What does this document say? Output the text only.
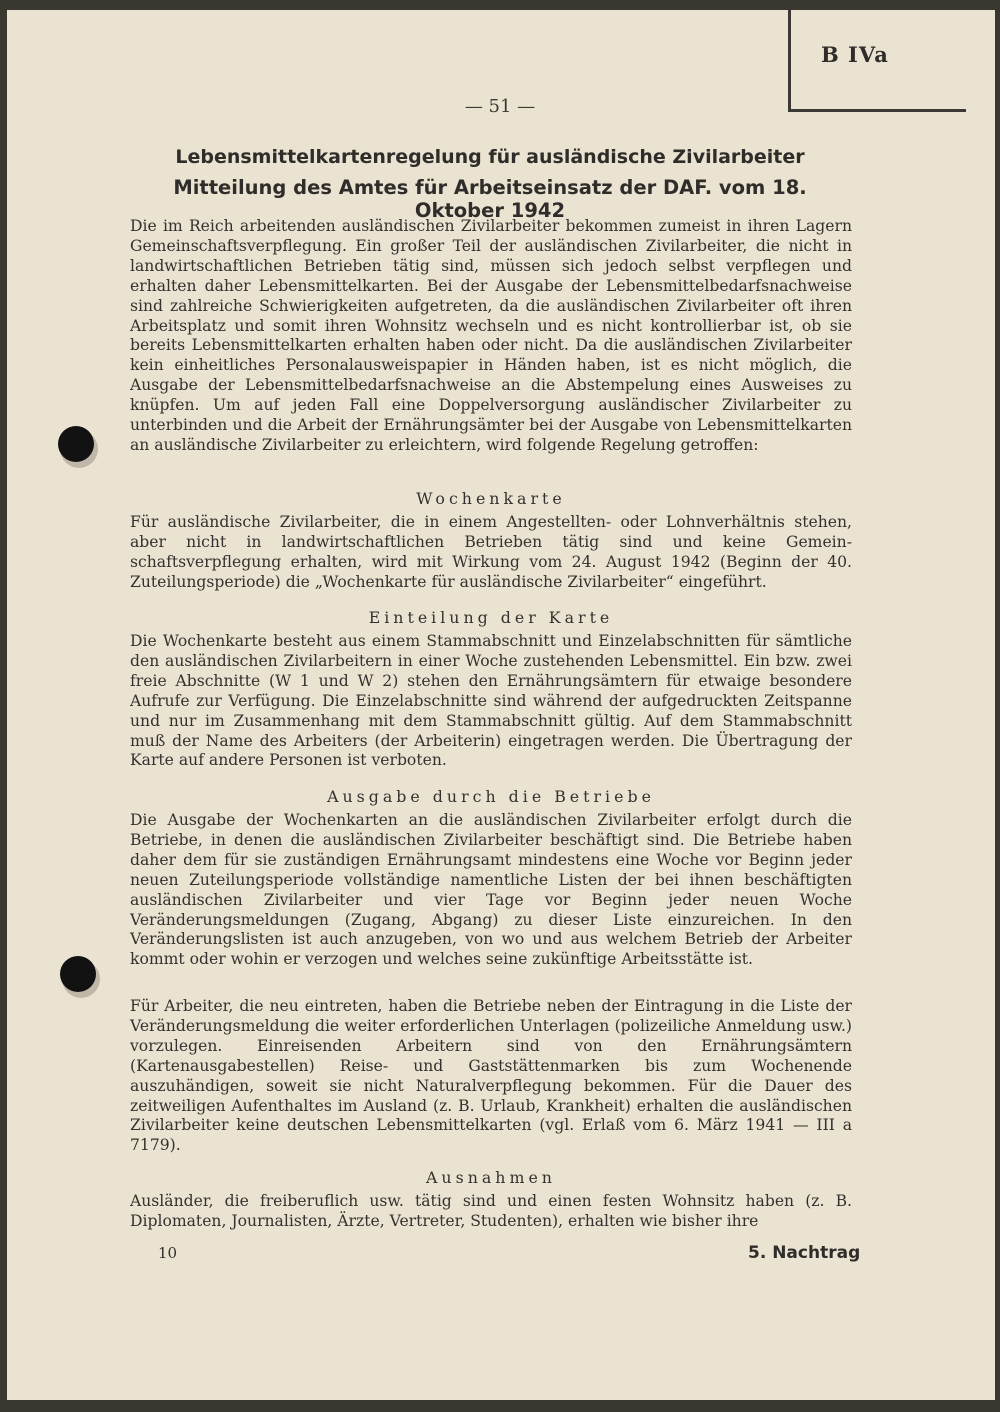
B IVa
— 51 —
Lebensmittelkartenregelung für ausländische Zivilarbeiter
Mitteilung des Amtes für Arbeitseinsatz der DAF. vom 18. Oktober 1942
Die im Reich arbeitenden ausländischen Zivilarbeiter bekommen zumeist in ihren Lagern Gemeinschaftsverpflegung. Ein großer Teil der ausländischen Zivilarbeiter, die nicht in landwirtschaftlichen Betrieben tätig sind, müssen sich jedoch selbst verpflegen und erhalten daher Lebensmittelkarten. Bei der Ausgabe der Lebensmittelbedarfsnachweise sind zahlreiche Schwierigkeiten aufgetreten, da die ausländischen Zivilarbeiter oft ihren Arbeitsplatz und somit ihren Wohnsitz wechseln und es nicht kontrollierbar ist, ob sie bereits Lebensmittelkarten erhalten haben oder nicht. Da die ausländischen Zivilarbeiter kein einheitliches Personalausweispapier in Händen haben, ist es nicht möglich, die Ausgabe der Lebensmittelbedarfsnachweise an die Abstempelung eines Ausweises zu knüpfen. Um auf jeden Fall eine Doppelversorgung ausländischer Zivilarbeiter zu unterbinden und die Arbeit der Ernährungsämter bei der Ausgabe von Lebensmittelkarten an ausländische Zivilarbeiter zu erleichtern, wird folgende Regelung getroffen:
Wochenkarte
Für ausländische Zivilarbeiter, die in einem Angestellten- oder Lohnverhältnis stehen, aber nicht in landwirtschaftlichen Betrieben tätig sind und keine Gemeinschaftsverpflegung erhalten, wird mit Wirkung vom 24. August 1942 (Beginn der 40. Zuteilungsperiode) die „Wochenkarte für ausländische Zivilarbeiter“ eingeführt.
Einteilung der Karte
Die Wochenkarte besteht aus einem Stammabschnitt und Einzelabschnitten für sämtliche den ausländischen Zivilarbeitern in einer Woche zustehenden Lebensmittel. Ein bzw. zwei freie Abschnitte (W 1 und W 2) stehen den Ernährungsämtern für etwaige besondere Aufrufe zur Verfügung. Die Einzelabschnitte sind während der aufgedruckten Zeitspanne und nur im Zusammenhang mit dem Stammabschnitt gültig. Auf dem Stammabschnitt muß der Name des Arbeiters (der Arbeiterin) eingetragen werden. Die Übertragung der Karte auf andere Personen ist verboten.
Ausgabe durch die Betriebe
Die Ausgabe der Wochenkarten an die ausländischen Zivilarbeiter erfolgt durch die Betriebe, in denen die ausländischen Zivilarbeiter beschäftigt sind. Die Betriebe haben daher dem für sie zuständigen Ernährungsamt mindestens eine Woche vor Beginn jeder neuen Zuteilungsperiode vollständige namentliche Listen der bei ihnen beschäftigten ausländischen Zivilarbeiter und vier Tage vor Beginn jeder neuen Woche Veränderungsmeldungen (Zugang, Abgang) zu dieser Liste einzureichen. In den Veränderungslisten ist auch anzugeben, von wo und aus welchem Betrieb der Arbeiter kommt oder wohin er verzogen und welches seine zukünftige Arbeitsstätte ist.
Für Arbeiter, die neu eintreten, haben die Betriebe neben der Eintragung in die Liste der Veränderungsmeldung die weiter erforderlichen Unterlagen (polizeiliche Anmeldung usw.) vorzulegen. Einreisenden Arbeitern sind von den Ernährungsämtern (Kartenausgabestellen) Reise- und Gaststättenmarken bis zum Wochenende auszuhändigen, soweit sie nicht Naturalverpflegung bekommen. Für die Dauer des zeitweiligen Aufenthaltes im Ausland (z. B. Urlaub, Krankheit) erhalten die ausländischen Zivilarbeiter keine deutschen Lebensmittelkarten (vgl. Erlaß vom 6. März 1941 — III a 7179).
Ausnahmen
Ausländer, die freiberuflich usw. tätig sind und einen festen Wohnsitz haben (z. B. Diplomaten, Journalisten, Ärzte, Vertreter, Studenten), erhalten wie bisher ihre
10	5. Nachtrag
